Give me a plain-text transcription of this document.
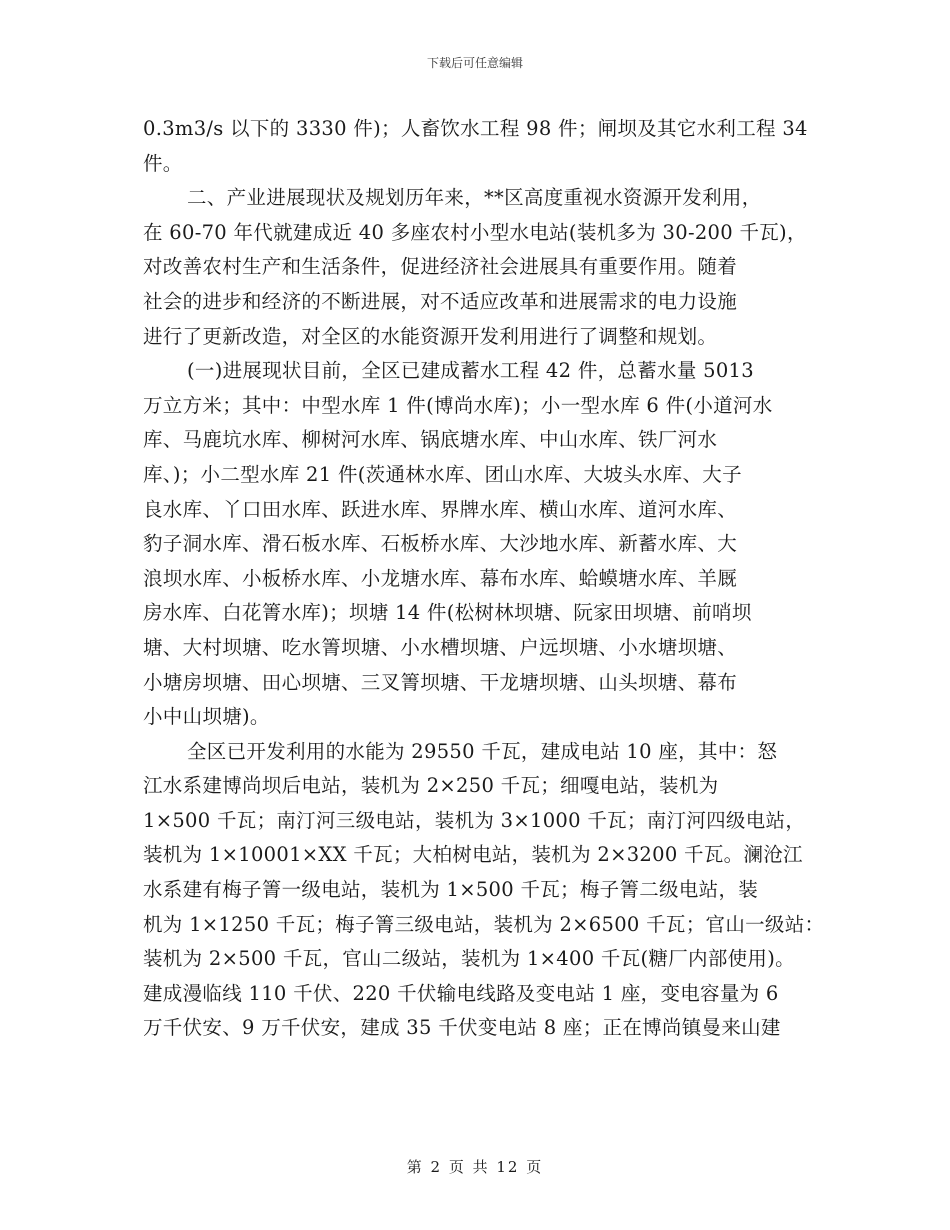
下载后可任意编辑
0.3m3/s 以下的 3330 件)；人畜饮水工程 98 件；闸坝及其它水利工程 34
件。
二、产业进展现状及规划历年来，**区高度重视水资源开发利用，
在 60-70 年代就建成近 40 多座农村小型水电站(装机多为 30-200 千瓦)，
对改善农村生产和生活条件，促进经济社会进展具有重要作用。随着
社会的进步和经济的不断进展，对不适应改革和进展需求的电力设施
进行了更新改造，对全区的水能资源开发利用进行了调整和规划。
(一)进展现状目前，全区已建成蓄水工程 42 件，总蓄水量 5013
万立方米；其中：中型水库 1 件(博尚水库)；小一型水库 6 件(小道河水
库、马鹿坑水库、柳树河水库、锅底塘水库、中山水库、铁厂河水
库、)；小二型水库 21 件(茨通林水库、团山水库、大坡头水库、大子
良水库、丫口田水库、跃进水库、界牌水库、横山水库、道河水库、
豹子洞水库、滑石板水库、石板桥水库、大沙地水库、新蓄水库、大
浪坝水库、小板桥水库、小龙塘水库、幕布水库、蛤蟆塘水库、羊厩
房水库、白花箐水库)；坝塘 14 件(松树林坝塘、阮家田坝塘、前哨坝
塘、大村坝塘、吃水箐坝塘、小水槽坝塘、户远坝塘、小水塘坝塘、
小塘房坝塘、田心坝塘、三叉箐坝塘、干龙塘坝塘、山头坝塘、幕布
小中山坝塘)。
全区已开发利用的水能为 29550 千瓦，建成电站 10 座，其中：怒
江水系建博尚坝后电站，装机为 2×250 千瓦；细嘎电站，装机为
1×500 千瓦；南汀河三级电站，装机为 3×1000 千瓦；南汀河四级电站，
装机为 1×10001×XX 千瓦；大柏树电站，装机为 2×3200 千瓦。澜沧江
水系建有梅子箐一级电站，装机为 1×500 千瓦；梅子箐二级电站，装
机为 1×1250 千瓦；梅子箐三级电站，装机为 2×6500 千瓦；官山一级站：
装机为 2×500 千瓦，官山二级站，装机为 1×400 千瓦(糖厂内部使用)。
建成漫临线 110 千伏、220 千伏输电线路及变电站 1 座，变电容量为 6
万千伏安、9 万千伏安，建成 35 千伏变电站 8 座；正在博尚镇曼来山建
第 2 页 共 12 页
